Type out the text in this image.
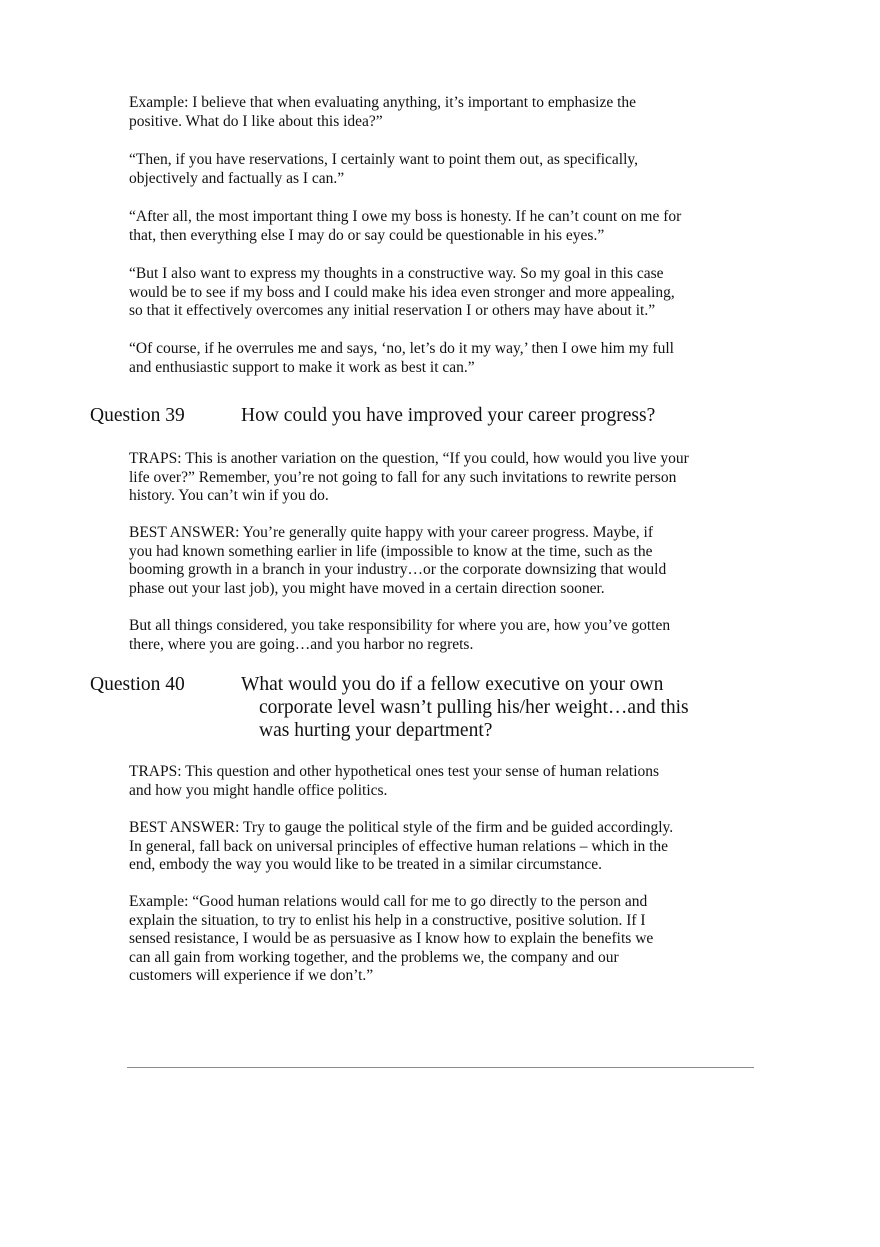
Example: I believe that when evaluating anything, it’s important to emphasize the
positive. What do I like about this idea?”

“Then, if you have reservations, I certainly want to point them out, as specifically,
objectively and factually as I can.”

“After all, the most important thing I owe my boss is honesty. If he can’t count on me for
that, then everything else I may do or say could be questionable in his eyes.”

“But I also want to express my thoughts in a constructive way. So my goal in this case
would be to see if my boss and I could make his idea even stronger and more appealing,
so that it effectively overcomes any initial reservation I or others may have about it.”

“Of course, if he overrules me and says, ‘no, let’s do it my way,’ then I owe him my full
and enthusiastic support to make it work as best it can.”

Question 39	How could you have improved your career progress?

TRAPS: This is another variation on the question, “If you could, how would you live your
life over?” Remember, you’re not going to fall for any such invitations to rewrite person
history. You can’t win if you do.

BEST ANSWER: You’re generally quite happy with your career progress. Maybe, if
you had known something earlier in life (impossible to know at the time, such as the
booming growth in a branch in your industry…or the corporate downsizing that would
phase out your last job), you might have moved in a certain direction sooner.

But all things considered, you take responsibility for where you are, how you’ve gotten
there, where you are going…and you harbor no regrets.

Question 40	What would you do if a fellow executive on your own
corporate level wasn’t pulling his/her weight…and this
was hurting your department?

TRAPS: This question and other hypothetical ones test your sense of human relations
and how you might handle office politics.

BEST ANSWER: Try to gauge the political style of the firm and be guided accordingly.
In general, fall back on universal principles of effective human relations – which in the
end, embody the way you would like to be treated in a similar circumstance.

Example: “Good human relations would call for me to go directly to the person and
explain the situation, to try to enlist his help in a constructive, positive solution. If I
sensed resistance, I would be as persuasive as I know how to explain the benefits we
can all gain from working together, and the problems we, the company and our
customers will experience if we don’t.”
